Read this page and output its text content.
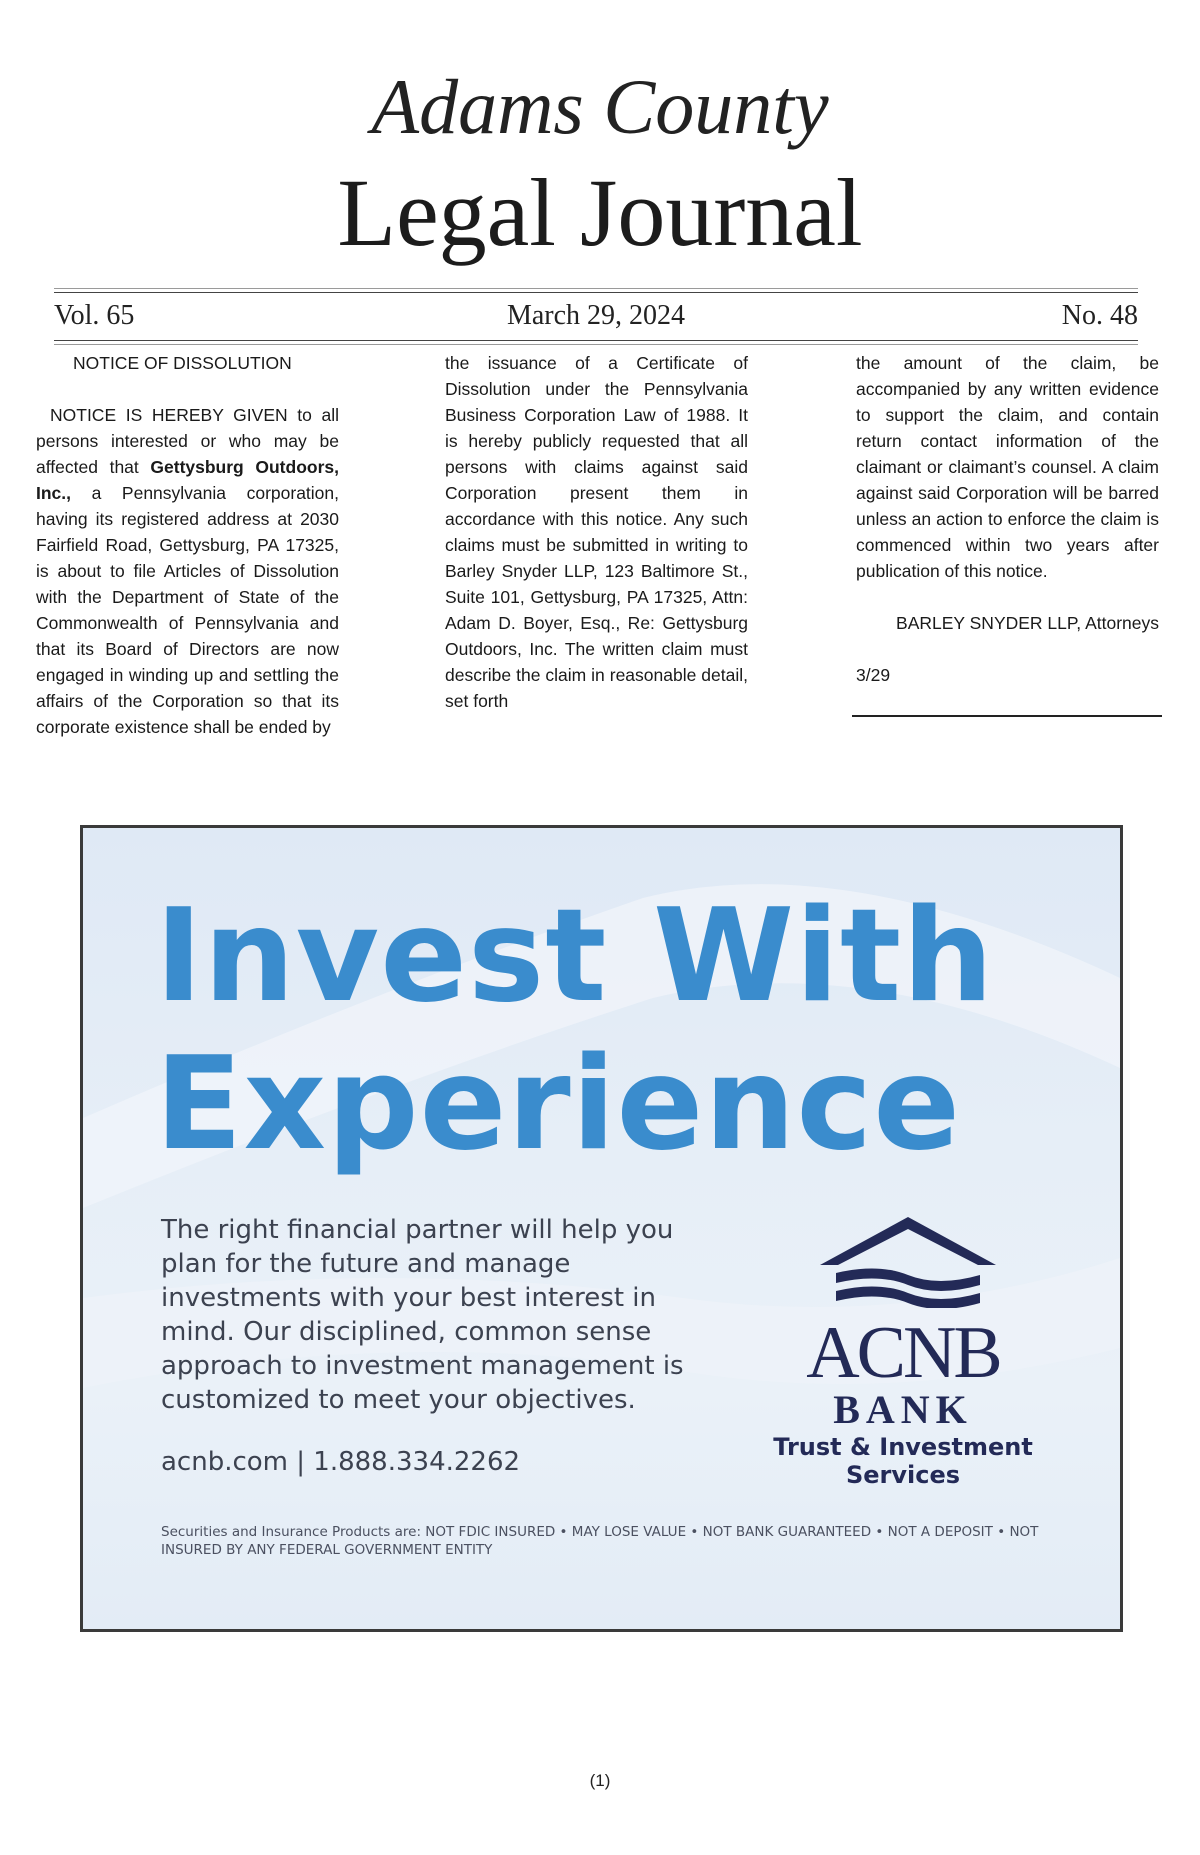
Adams County
Legal Journal
March 29, 2024
Vol. 65	No. 48

NOTICE OF DISSOLUTION

NOTICE IS HEREBY GIVEN to all persons interested or who may be affected that Gettysburg Outdoors, Inc., a Pennsylvania corporation, having its registered address at 2030 Fairfield Road, Gettysburg, PA 17325, is about to file Articles of Dissolution with the Department of State of the Commonwealth of Pennsylvania and that its Board of Directors are now engaged in winding up and settling the affairs of the Corporation so that its corporate existence shall be ended by

the issuance of a Certificate of Dissolution under the Pennsylvania Business Corporation Law of 1988. It is hereby publicly requested that all persons with claims against said Corporation present them in accordance with this notice. Any such claims must be submitted in writing to Barley Snyder LLP, 123 Baltimore St., Suite 101, Gettysburg, PA 17325, Attn: Adam D. Boyer, Esq., Re: Gettysburg Outdoors, Inc. The written claim must describe the claim in reasonable detail, set forth

the amount of the claim, be accompanied by any written evidence to support the claim, and contain return contact information of the claimant or claimant’s counsel. A claim against said Corporation will be barred unless an action to enforce the claim is commenced within two years after publication of this notice.

BARLEY SNYDER LLP, Attorneys

3/29

Invest With
Experience
The right financial partner will help you plan for the future and manage investments with your best interest in mind. Our disciplined, common sense approach to investment management is customized to meet your objectives.
acnb.com | 1.888.334.2262
Securities and Insurance Products are: NOT FDIC INSURED • MAY LOSE VALUE • NOT BANK GUARANTEED • NOT A DEPOSIT • NOT INSURED BY ANY FEDERAL GOVERNMENT ENTITY
ACNB
BANK
Trust & Investment
Services
(1)
